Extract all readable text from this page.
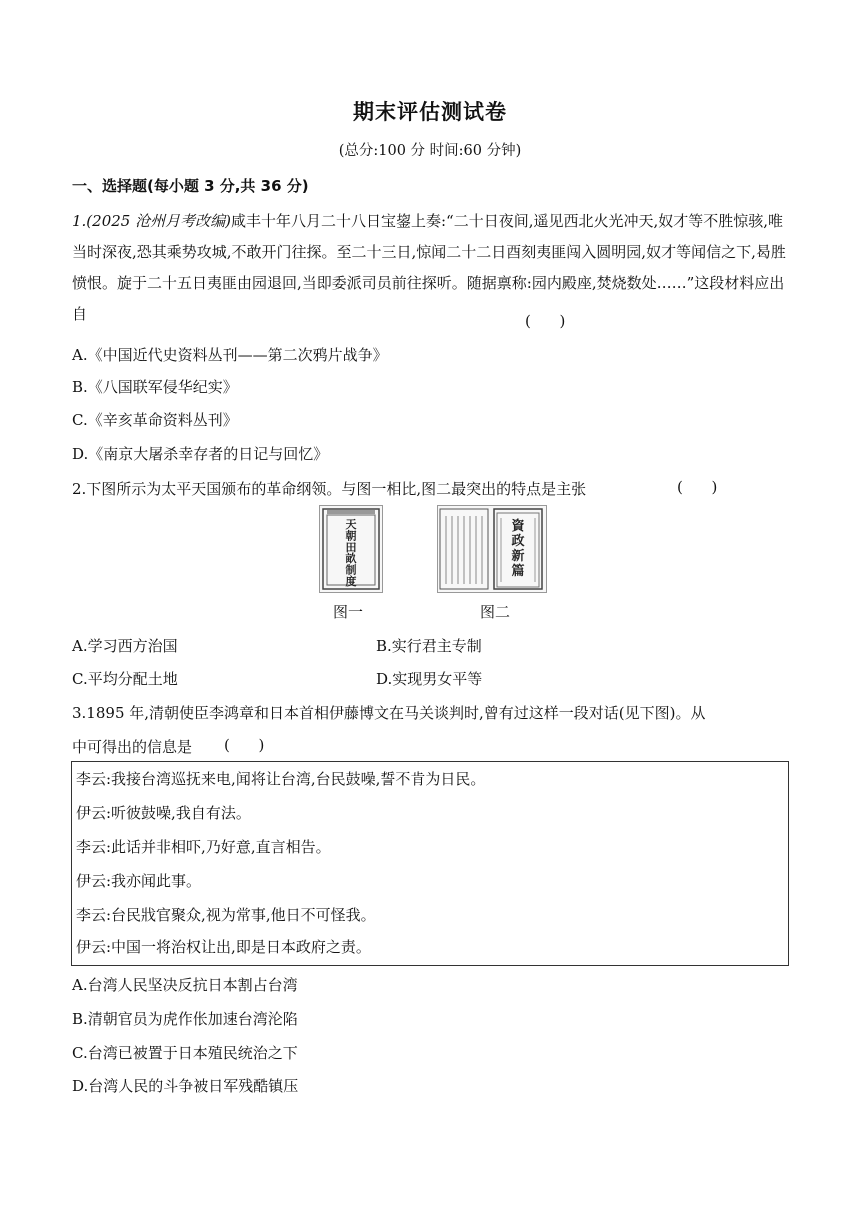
期末评估测试卷
(总分:100 分 时间:60 分钟)
一、选择题(每小题 3 分,共 36 分)
1.(2025 沧州月考改编)咸丰十年八月二十八日宝鋆上奏:“二十日夜间,遥见西北火光冲天,奴才等不胜惊骇,唯当时深夜,恐其乘势攻城,不敢开门往探。至二十三日,惊闻二十二日酉刻夷匪闯入圆明园,奴才等闻信之下,曷胜愤恨。旋于二十五日夷匪由园退回,当即委派司员前往探听。随据禀称:园内殿座,焚烧数处……”这段材料应出自	(      )
A.《中国近代史资料丛刊——第二次鸦片战争》
B.《八国联军侵华纪实》
C.《辛亥革命资料丛刊》
D.《南京大屠杀幸存者的日记与回忆》
2.下图所示为太平天国颁布的革命纲领。与图一相比,图二最突出的特点是主张	(      )
天
朝
田
畝
制
度
图一
資
政
新
篇
图二
A.学习西方治国	B.实行君主专制
C.平均分配土地	D.实现男女平等
3.1895 年,清朝使臣李鸿章和日本首相伊藤博文在马关谈判时,曾有过这样一段对话(见下图)。从
中可得出的信息是 (      )
李云:我接台湾巡抚来电,闻将让台湾,台民鼓噪,誓不肯为日民。
伊云:听彼鼓噪,我自有法。
李云:此话并非相吓,乃好意,直言相告。
伊云:我亦闻此事。
李云:台民戕官聚众,视为常事,他日不可怪我。
伊云:中国一将治权让出,即是日本政府之责。
A.台湾人民坚决反抗日本割占台湾
B.清朝官员为虎作伥加速台湾沦陷
C.台湾已被置于日本殖民统治之下
D.台湾人民的斗争被日军残酷镇压
